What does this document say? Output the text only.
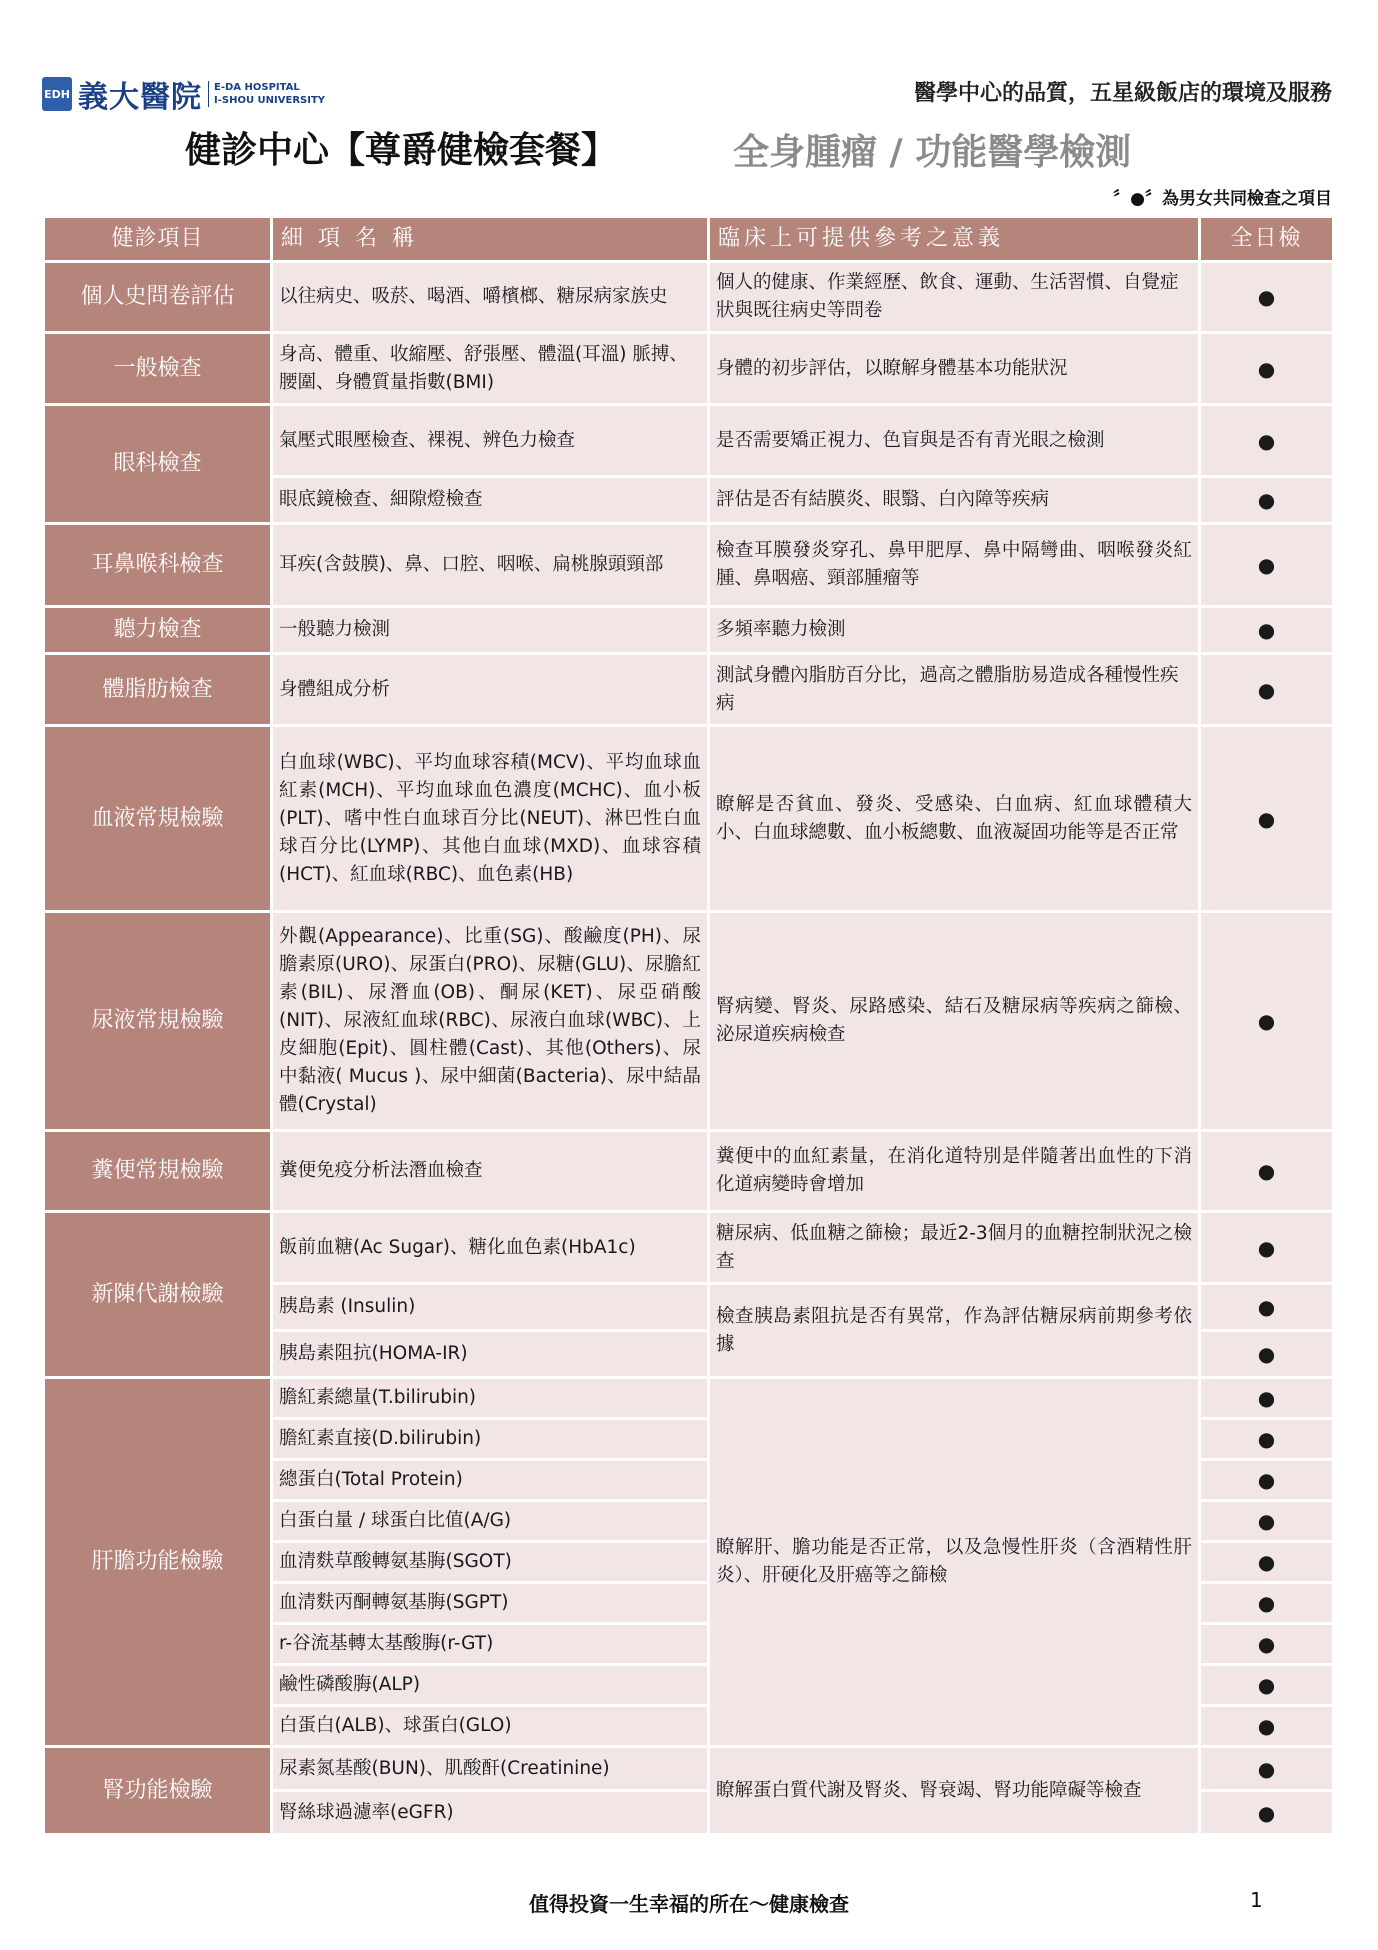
EDH 義大醫院 E-DA HOSPITAL
I-SHOU UNIVERSITY	醫學中心的品質，五星級飯店的環境及服務
健診中心【尊爵健檢套餐】	全身腫瘤 / 功能醫學檢測
〞●〞為男女共同檢查之項目
健診項目	細 項 名 稱	臨床上可提供參考之意義	全日檢
個人史問卷評估	以往病史、吸菸、喝酒、嚼檳榔、糖尿病家族史	個人的健康、作業經歷、飲食、運動、生活習慣、自覺症狀與既往病史等問卷	●
一般檢查	身高、體重、收縮壓、舒張壓、體溫(耳溫) 脈搏、腰圍、身體質量指數(BMI)	身體的初步評估，以瞭解身體基本功能狀況	●
眼科檢查	氣壓式眼壓檢查、裸視、辨色力檢查	是否需要矯正視力、色盲與是否有青光眼之檢測	●
	眼底鏡檢查、細隙燈檢查	評估是否有結膜炎、眼翳、白內障等疾病	●
耳鼻喉科檢查	耳疾(含鼓膜)、鼻、口腔、咽喉、扁桃腺頭頸部	檢查耳膜發炎穿孔、鼻甲肥厚、鼻中隔彎曲、咽喉發炎紅腫、鼻咽癌、頸部腫瘤等	●
聽力檢查	一般聽力檢測	多頻率聽力檢測	●
體脂肪檢查	身體組成分析	測試身體內脂肪百分比，過高之體脂肪易造成各種慢性疾病	●
血液常規檢驗	白血球(WBC)、平均血球容積(MCV)、平均血球血紅素(MCH)、平均血球血色濃度(MCHC)、血小板(PLT)、嗜中性白血球百分比(NEUT)、淋巴性白血球百分比(LYMP)、其他白血球(MXD)、血球容積(HCT)、紅血球(RBC)、血色素(HB)	瞭解是否貧血、發炎、受感染、白血病、紅血球體積大小、白血球總數、血小板總數、血液凝固功能等是否正常	●
尿液常規檢驗	外觀(Appearance)、比重(SG)、酸鹼度(PH)、尿膽素原(URO)、尿蛋白(PRO)、尿糖(GLU)、尿膽紅素(BIL)、尿潛血(OB)、酮尿(KET)、尿亞硝酸(NIT)、尿液紅血球(RBC)、尿液白血球(WBC)、上皮細胞(Epit)、圓柱體(Cast)、其他(Others)、尿中黏液( Mucus )、尿中細菌(Bacteria)、尿中結晶體(Crystal)	腎病變、腎炎、尿路感染、結石及糖尿病等疾病之篩檢、泌尿道疾病檢查	●
糞便常規檢驗	糞便免疫分析法潛血檢查	糞便中的血紅素量，在消化道特別是伴隨著出血性的下消化道病變時會增加	●
新陳代謝檢驗	飯前血糖(Ac Sugar)、糖化血色素(HbA1c)	糖尿病、低血糖之篩檢；最近2-3個月的血糖控制狀況之檢查	●
	胰島素 (Insulin)	檢查胰島素阻抗是否有異常，作為評估糖尿病前期參考依據	●
	胰島素阻抗(HOMA-IR)		●
肝膽功能檢驗	膽紅素總量(T.bilirubin)	瞭解肝、膽功能是否正常，以及急慢性肝炎（含酒精性肝炎）、肝硬化及肝癌等之篩檢	●
	膽紅素直接(D.bilirubin)		●
	總蛋白(Total Protein)		●
	白蛋白量 / 球蛋白比值(A/G)		●
	血清麩草酸轉氨基脢(SGOT)		●
	血清麩丙酮轉氨基脢(SGPT)		●
	r-谷流基轉太基酸脢(r-GT)		●
	鹼性磷酸脢(ALP)		●
	白蛋白(ALB)、球蛋白(GLO)		●
腎功能檢驗	尿素氮基酸(BUN)、肌酸酐(Creatinine)	瞭解蛋白質代謝及腎炎、腎衰竭、腎功能障礙等檢查	●
	腎絲球過濾率(eGFR)		●
值得投資一生幸福的所在～健康檢查	1
